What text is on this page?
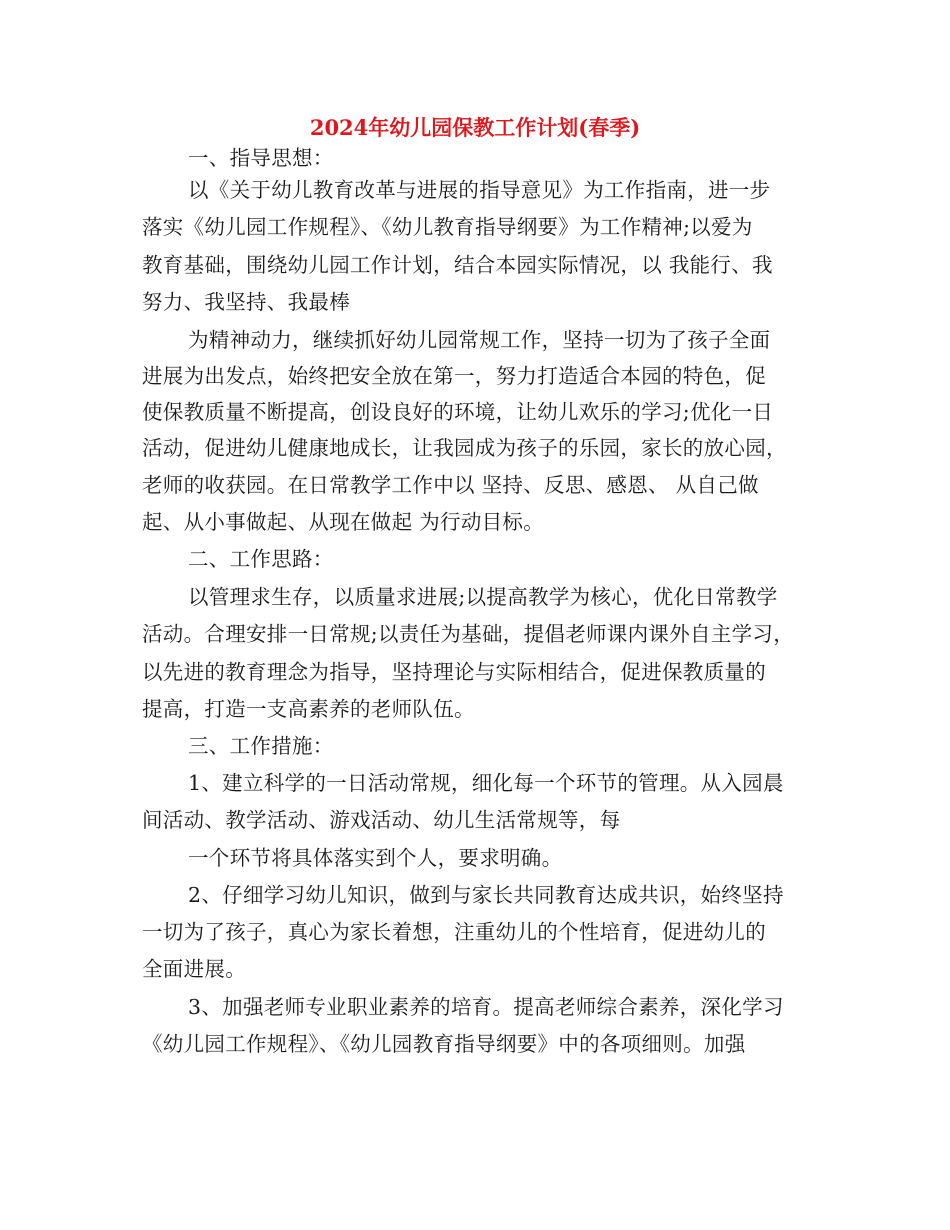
2024年幼儿园保教工作计划(春季)
一、指导思想：
以《关于幼儿教育改革与进展的指导意见》为工作指南，进一步
落实《幼儿园工作规程》、《幼儿教育指导纲要》为工作精神;以爱为
教育基础，围绕幼儿园工作计划，结合本园实际情况，以 我能行、我
努力、我坚持、我最棒
为精神动力，继续抓好幼儿园常规工作，坚持一切为了孩子全面
进展为出发点，始终把安全放在第一，努力打造适合本园的特色，促
使保教质量不断提高，创设良好的环境，让幼儿欢乐的学习;优化一日
活动，促进幼儿健康地成长，让我园成为孩子的乐园，家长的放心园，
老师的收获园。在日常教学工作中以 坚持、反思、感恩、 从自己做
起、从小事做起、从现在做起 为行动目标。
二、工作思路：
以管理求生存，以质量求进展;以提高教学为核心，优化日常教学
活动。合理安排一日常规;以责任为基础，提倡老师课内课外自主学习，
以先进的教育理念为指导，坚持理论与实际相结合，促进保教质量的
提高，打造一支高素养的老师队伍。
三、工作措施：
1、建立科学的一日活动常规，细化每一个环节的管理。从入园晨
间活动、教学活动、游戏活动、幼儿生活常规等，每
一个环节将具体落实到个人，要求明确。
2、仔细学习幼儿知识，做到与家长共同教育达成共识，始终坚持
一切为了孩子，真心为家长着想，注重幼儿的个性培育，促进幼儿的
全面进展。
3、加强老师专业职业素养的培育。提高老师综合素养，深化学习
《幼儿园工作规程》、《幼儿园教育指导纲要》中的各项细则。加强
